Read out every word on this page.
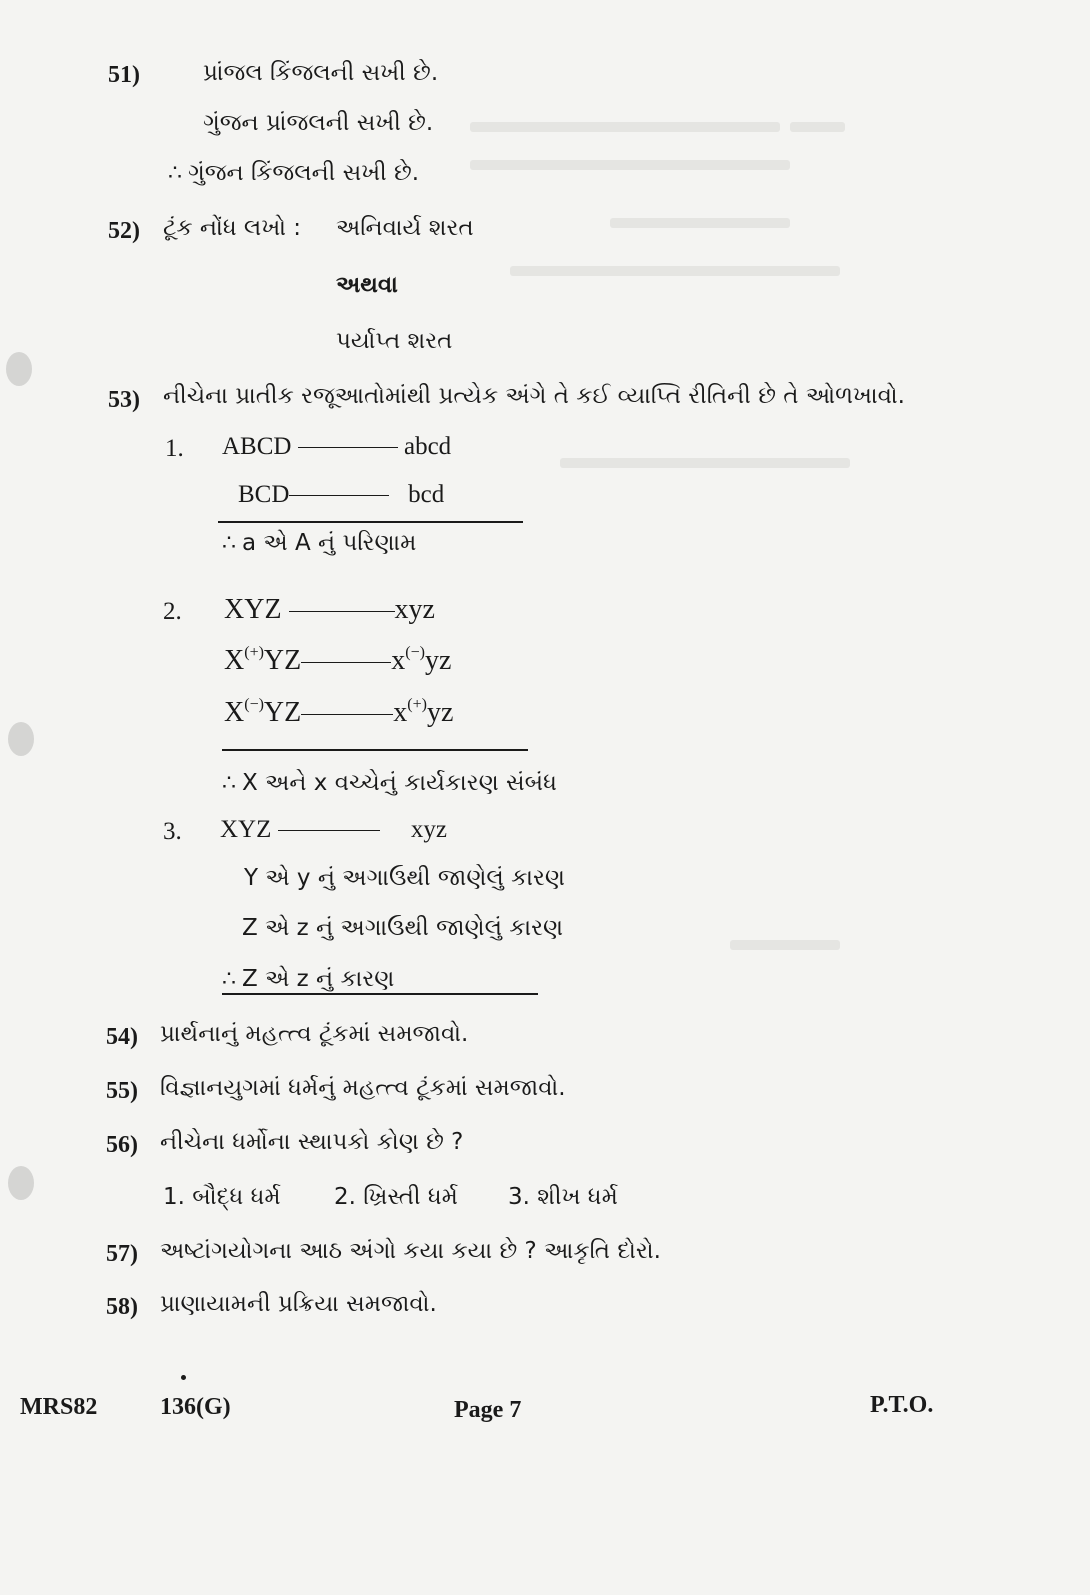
51)	પ્રાંજલ કિંજલની સખી છે.
ગુંજન પ્રાંજલની સખી છે.
∴ ગુંજન કિંજલની સખી છે.
52) ટૂંક નોંધ લખો : અનિવાર્ય શરત
અથવા
પર્યાપ્ત શરત
53) નીચેના પ્રાતીક રજૂઆતોમાંથી પ્રત્યેક અંગે તે કઈ વ્યાપ્તિ રીતિની છે તે ઓળખાવો.
1. ABCD	abcd
BCD	bcd
∴ a એ A નું પરિણામ
2. XYZ	xyz
X(+)YZ	x(−)yz
X(−)YZ	x(+)yz
∴ X અને x વચ્ચેનું કાર્યકારણ સંબંધ
3. XYZ	xyz
Y એ y નું અગાઉથી જાણેલું કારણ
Z એ z નું અગાઉથી જાણેલું કારણ
∴ Z એ z નું કારણ
54) પ્રાર્થનાનું મહત્ત્વ ટૂંકમાં સમજાવો.
55) વિજ્ઞાનયુગમાં ધર્મનું મહત્ત્વ ટૂંકમાં સમજાવો.
56) નીચેના ધર્મોના સ્થાપકો કોણ છે ?
1. બૌદ્ધ ધર્મ 2. ખ્રિસ્તી ધર્મ 3. શીખ ધર્મ
57) અષ્ટાંગયોગના આઠ અંગો કયા કયા છે ? આકૃતિ દોરો.
58) પ્રાણાયામની પ્રક્રિયા સમજાવો.
MRS82	136(G)	Page 7	P.T.O.
